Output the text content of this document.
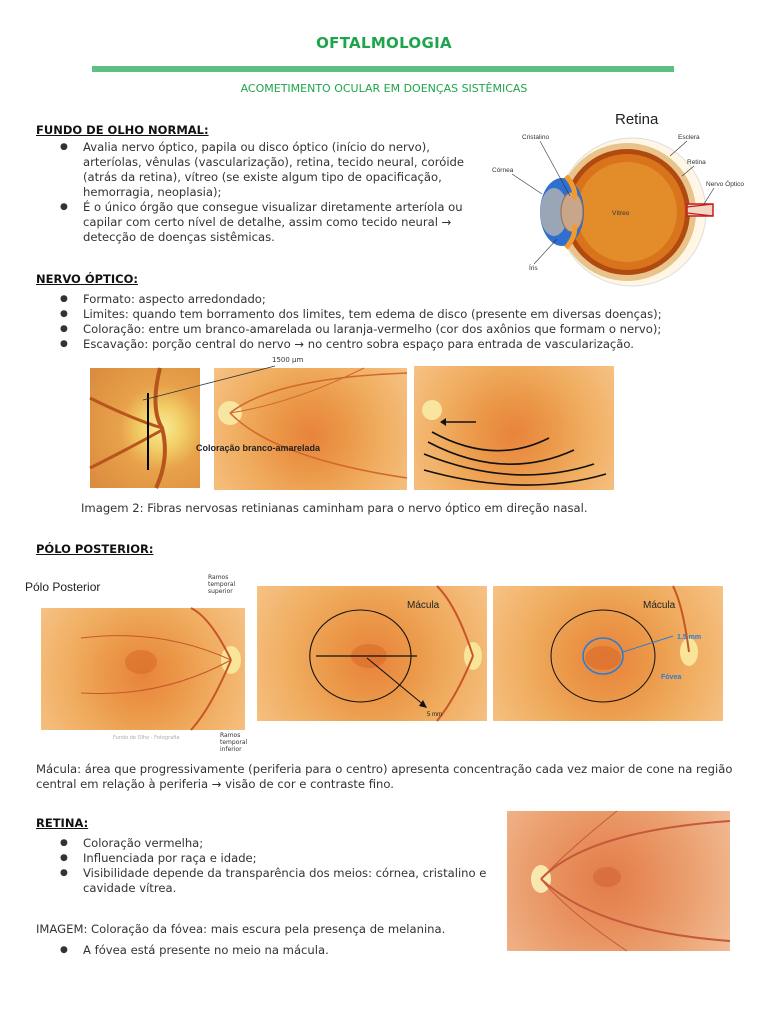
OFTALMOLOGIA
ACOMETIMENTO OCULAR EM DOENÇAS SISTÊMICAS
FUNDO DE OLHO NORMAL:
● Avalia nervo óptico, papila ou disco óptico (início do nervo), arteríolas, vênulas (vascularização), retina, tecido neural, coróide (atrás da retina), vítreo (se existe algum tipo de opacificação, hemorragia, neoplasia);
● É o único órgão que consegue visualizar diretamente arteríola ou capilar com certo nível de detalhe, assim como tecido neural → detecção de doenças sistêmicas.
Retina
Cristalino	Esclera
Córnea
Retina
Nervo Óptico
Vítreo
Íris
NERVO ÓPTICO:
● Formato: aspecto arredondado;
● Limites: quando tem borramento dos limites, tem edema de disco (presente em diversas doenças);
● Coloração: entre um branco-amarelada ou laranja-vermelho (cor dos axônios que formam o nervo);
● Escavação: porção central do nervo → no centro sobra espaço para entrada de vascularização.
1500 µm
Coloração branco-amarelada
Imagem 2: Fibras nervosas retinianas caminham para o nervo óptico em direção nasal.
PÓLO POSTERIOR:
Pólo Posterior
Ramos temporal superior
Fundo de Olho - Fotografia	Ramos temporal inferior
Mácula
5 mm
Mácula
1.5 mm
Fóvea
Mácula: área que progressivamente (periferia para o centro) apresenta concentração cada vez maior de cone na região central em relação à periferia → visão de cor e contraste fino.
RETINA:
● Coloração vermelha;
● Influenciada por raça e idade;
● Visibilidade depende da transparência dos meios: córnea, cristalino e cavidade vítrea.
IMAGEM: Coloração da fóvea: mais escura pela presença de melanina.
● A fóvea está presente no meio na mácula.
